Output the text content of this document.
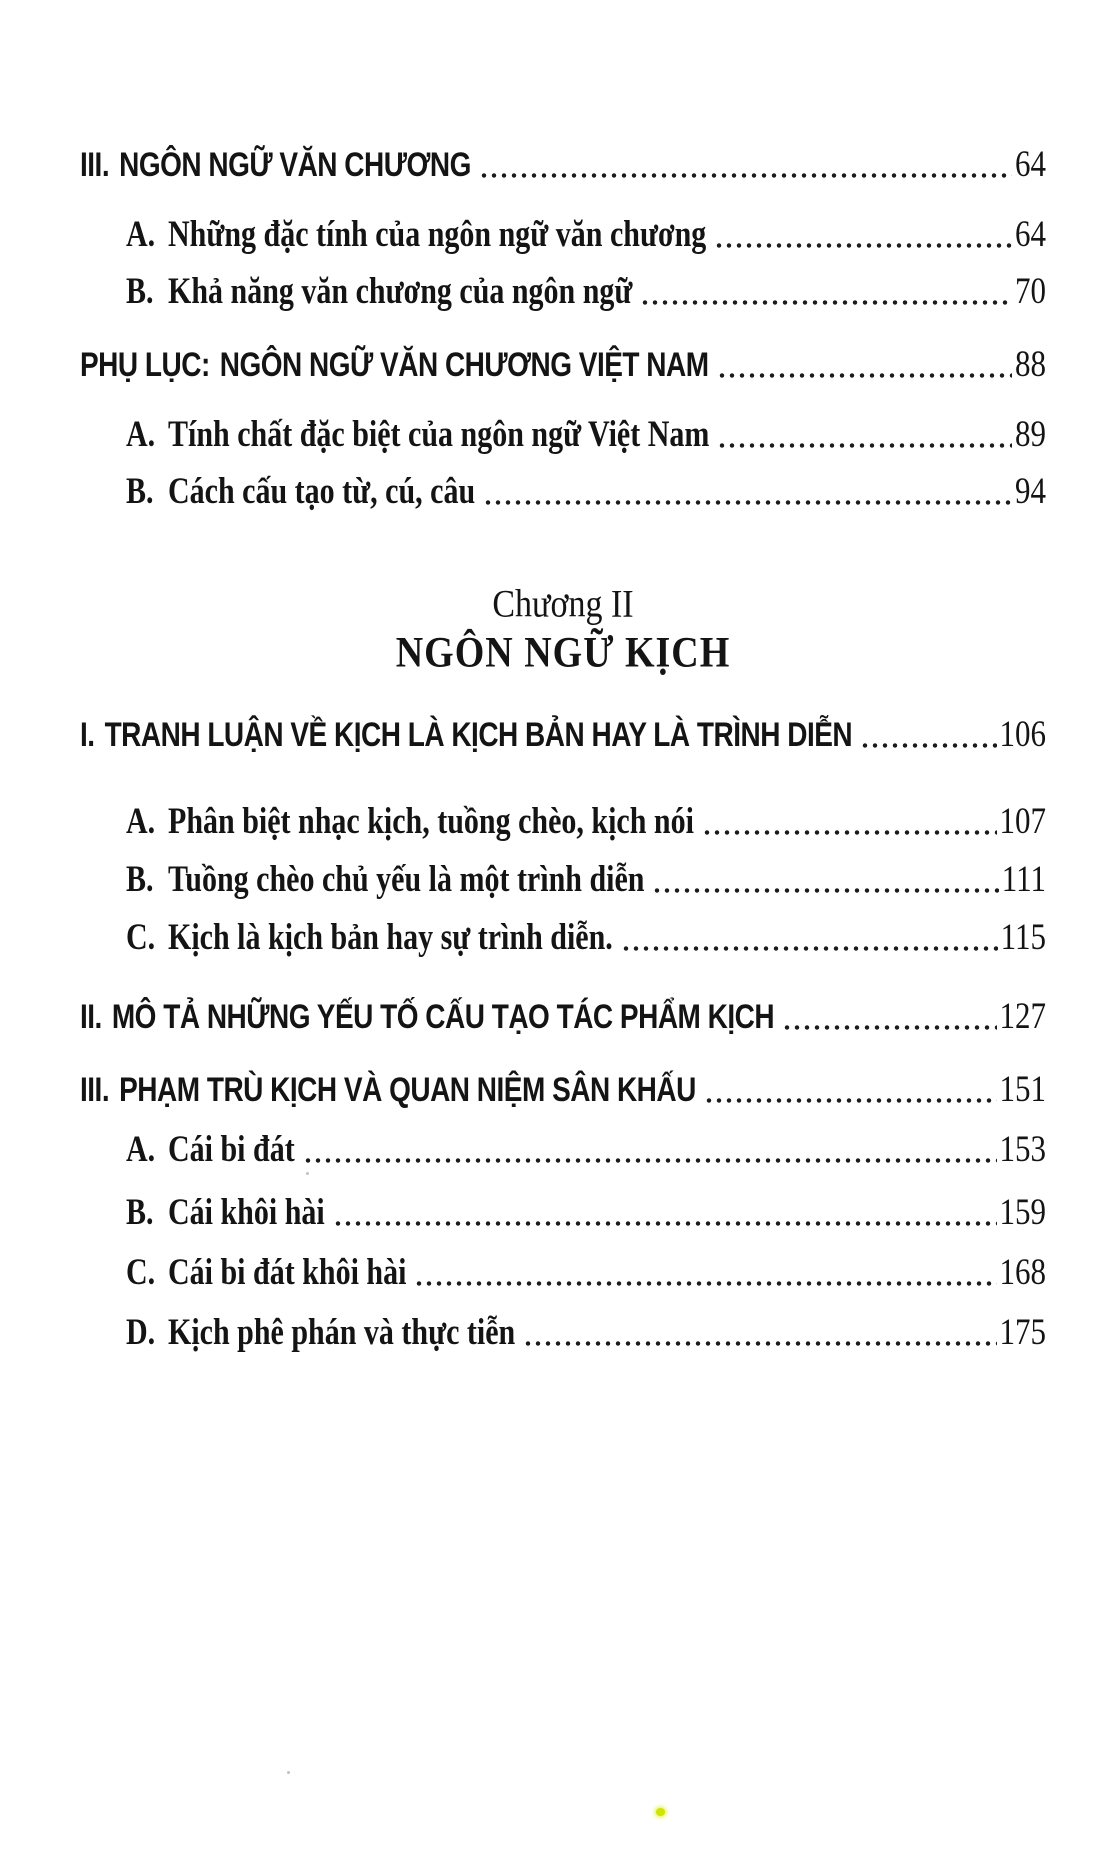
III. NGÔN NGỮ VĂN CHƯƠNG	64
A. Những đặc tính của ngôn ngữ văn chương	64
B. Khả năng văn chương của ngôn ngữ	70
PHỤ LỤC: NGÔN NGỮ VĂN CHƯƠNG VIỆT NAM	88
A. Tính chất đặc biệt của ngôn ngữ Việt Nam	89
B. Cách cấu tạo từ, cú, câu	94
Chương II
NGÔN NGỮ KỊCH
I. TRANH LUẬN VỀ KỊCH LÀ KỊCH BẢN HAY LÀ TRÌNH DIỄN	106
A. Phân biệt nhạc kịch, tuồng chèo, kịch nói	107
B. Tuồng chèo chủ yếu là một trình diễn	111
C. Kịch là kịch bản hay sự trình diễn.	115
II. MÔ TẢ NHỮNG YẾU TỐ CẤU TẠO TÁC PHẨM KỊCH	127
III. PHẠM TRÙ KỊCH VÀ QUAN NIỆM SÂN KHẤU	151
A. Cái bi đát	153
B. Cái khôi hài	159
C. Cái bi đát khôi hài	168
D. Kịch phê phán và thực tiễn	175
